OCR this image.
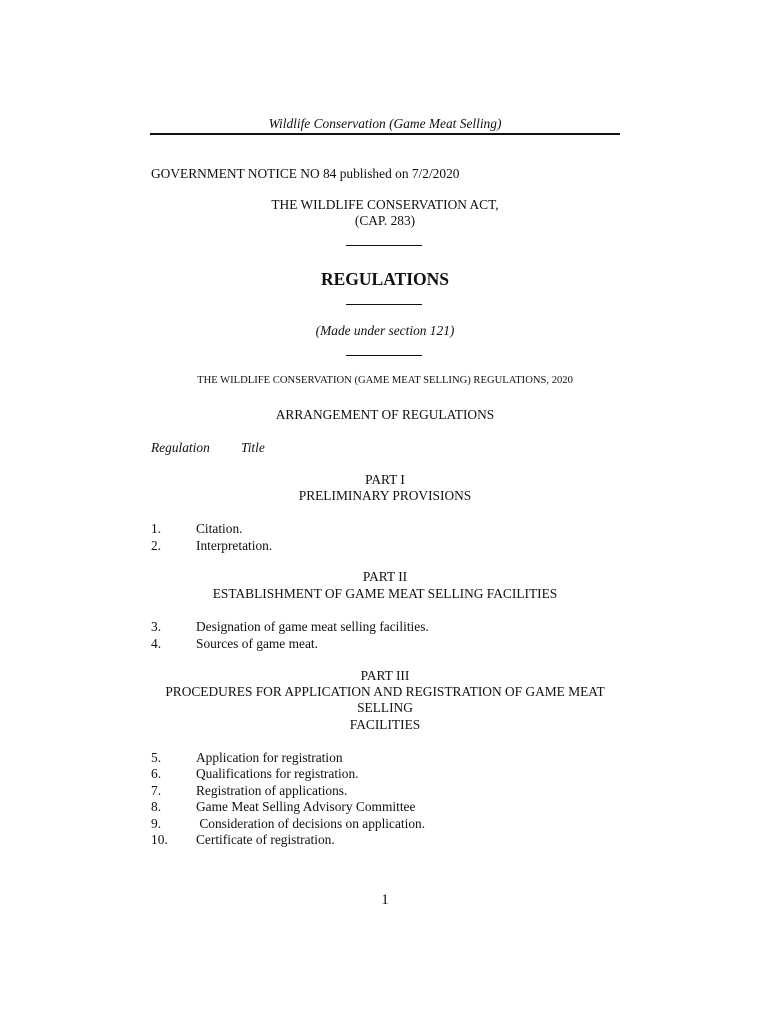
Wildlife Conservation (Game Meat Selling)
GOVERNMENT NOTICE NO 84 published on 7/2/2020
THE WILDLIFE CONSERVATION ACT,
(CAP. 283)
REGULATIONS
(Made under section 121)
THE WILDLIFE CONSERVATION (GAME MEAT SELLING) REGULATIONS, 2020
ARRANGEMENT OF REGULATIONS
Regulation Title
PART I
PRELIMINARY PROVISIONS
1.	Citation.
2.	Interpretation.
PART II
ESTABLISHMENT OF GAME MEAT SELLING FACILITIES
3.	Designation of game meat selling facilities.
4.	Sources of game meat.
PART III
PROCEDURES FOR APPLICATION AND REGISTRATION OF GAME MEAT
SELLING
FACILITIES
5.	Application for registration
6.	Qualifications for registration.
7.	Registration of applications.
8.	Game Meat Selling Advisory Committee
9.	Consideration of decisions on application.
10. Certificate of registration.
1
